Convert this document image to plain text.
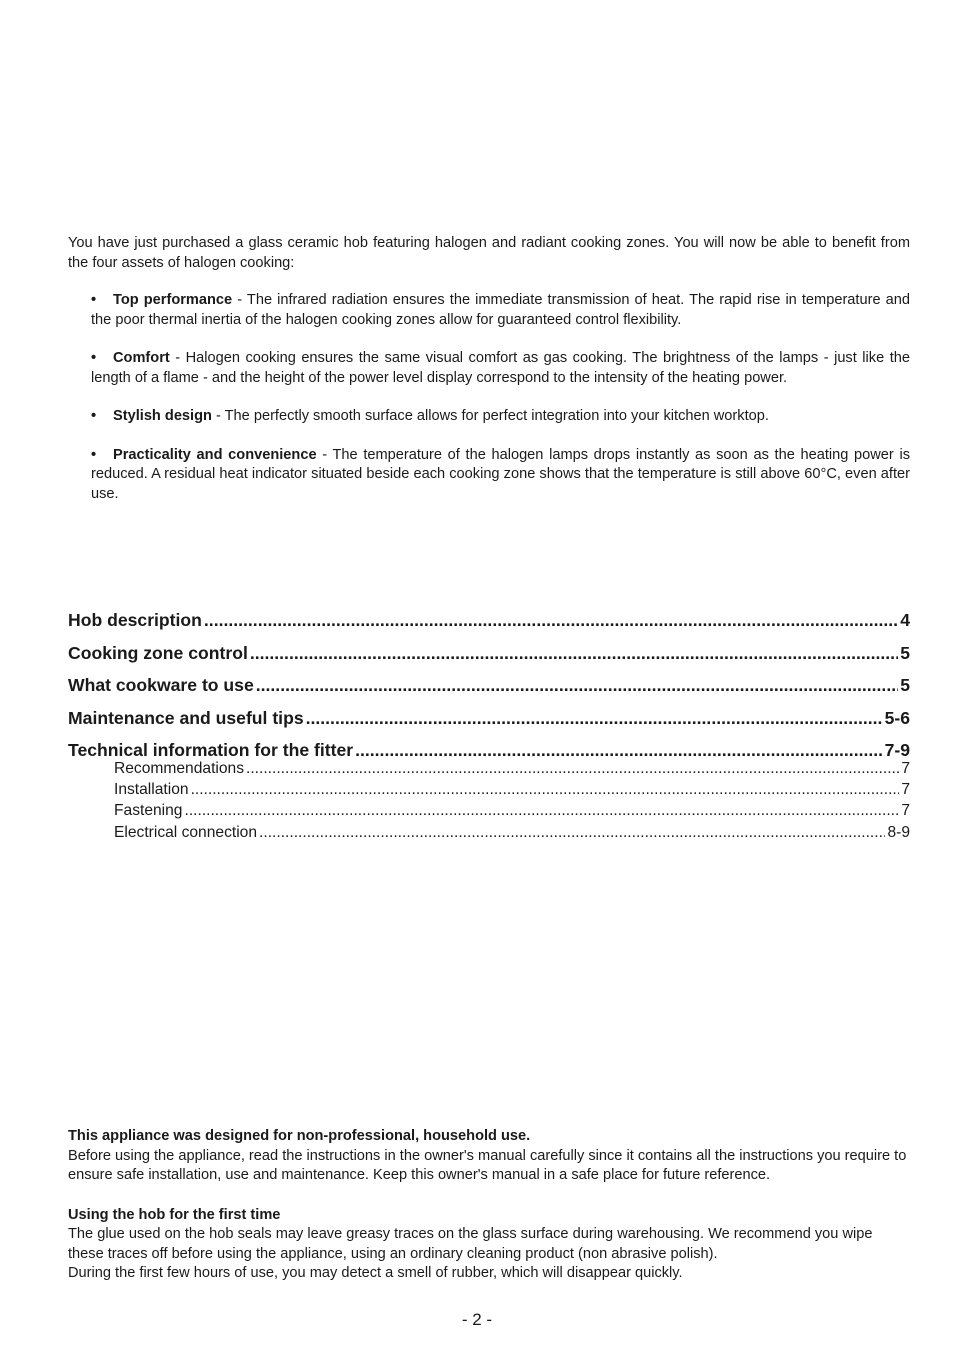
You have just purchased a glass ceramic hob featuring halogen and radiant cooking zones. You will now be able to benefit from the four assets of halogen cooking:

• Top performance - The infrared radiation ensures the immediate transmission of heat. The rapid rise in temperature and the poor thermal inertia of the halogen cooking zones allow for guaranteed control flexibility.
• Comfort - Halogen cooking ensures the same visual comfort as gas cooking. The brightness of the lamps - just like the length of a flame - and the height of the power level display correspond to the intensity of the heating power.
• Stylish design - The perfectly smooth surface allows for perfect integration into your kitchen worktop.
• Practicality and convenience - The temperature of the halogen lamps drops instantly as soon as the heating power is reduced. A residual heat indicator situated beside each cooking zone shows that the temperature is still above 60°C, even after use.
Hob description .....	4
Cooking zone control .....	5
What cookware to use .....	5
Maintenance and useful tips .....	5-6
Technical information for the fitter .....	7-9
Recommendations .....	7
Installation .....	7
Fastening .....	7
Electrical connection .....	8-9

This appliance was designed for non-professional, household use.

Before using the appliance, read the instructions in the owner's manual carefully since it contains all the instructions you require to ensure safe installation, use and maintenance. Keep this owner's manual in a safe place for future reference.

Using the hob for the first time

The glue used on the hob seals may leave greasy traces on the glass surface during warehousing. We recommend you wipe these traces off before using the appliance, using an ordinary cleaning product (non abrasive polish).

During the first few hours of use, you may detect a smell of rubber, which will disappear quickly.

- 2 -
